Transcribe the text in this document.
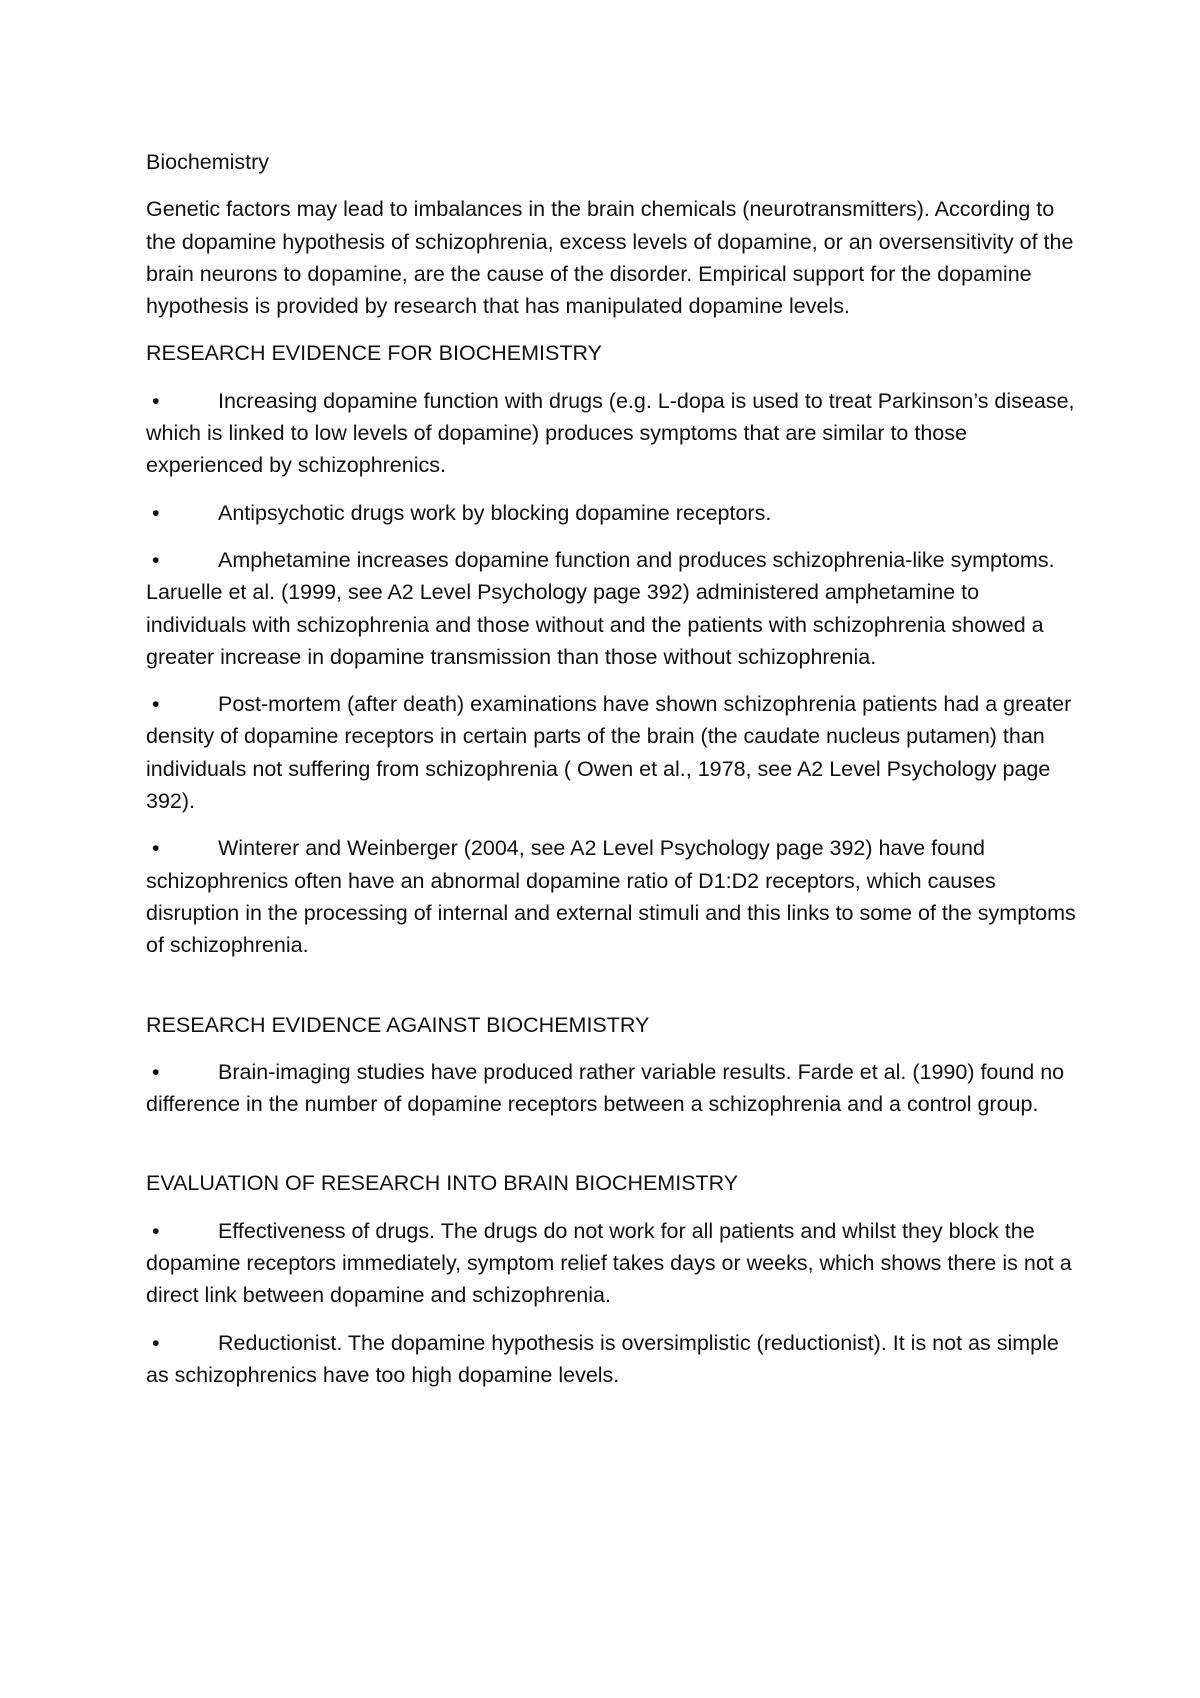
Biochemistry

Genetic factors may lead to imbalances in the brain chemicals (neurotransmitters). According to the dopamine hypothesis of schizophrenia, excess levels of dopamine, or an oversensitivity of the brain neurons to dopamine, are the cause of the disorder. Empirical support for the dopamine hypothesis is provided by research that has manipulated dopamine levels.

RESEARCH EVIDENCE FOR BIOCHEMISTRY

•	Increasing dopamine function with drugs (e.g. L-dopa is used to treat Parkinson’s disease, which is linked to low levels of dopamine) produces symptoms that are similar to those experienced by schizophrenics.

•	Antipsychotic drugs work by blocking dopamine receptors.

•	Amphetamine increases dopamine function and produces schizophrenia-like symptoms. Laruelle et al. (1999, see A2 Level Psychology page 392) administered amphetamine to individuals with schizophrenia and those without and the patients with schizophrenia showed a greater increase in dopamine transmission than those without schizophrenia.

•	Post-mortem (after death) examinations have shown schizophrenia patients had a greater density of dopamine receptors in certain parts of the brain (the caudate nucleus putamen) than individuals not suffering from schizophrenia ( Owen et al., 1978, see A2 Level Psychology page 392).

•	Winterer and Weinberger (2004, see A2 Level Psychology page 392) have found schizophrenics often have an abnormal dopamine ratio of D1:D2 receptors, which causes disruption in the processing of internal and external stimuli and this links to some of the symptoms of schizophrenia.

RESEARCH EVIDENCE AGAINST BIOCHEMISTRY

•	Brain-imaging studies have produced rather variable results. Farde et al. (1990) found no difference in the number of dopamine receptors between a schizophrenia and a control group.

EVALUATION OF RESEARCH INTO BRAIN BIOCHEMISTRY

•	Effectiveness of drugs. The drugs do not work for all patients and whilst they block the dopamine receptors immediately, symptom relief takes days or weeks, which shows there is not a direct link between dopamine and schizophrenia.

•	Reductionist. The dopamine hypothesis is oversimplistic (reductionist). It is not as simple as schizophrenics have too high dopamine levels.
